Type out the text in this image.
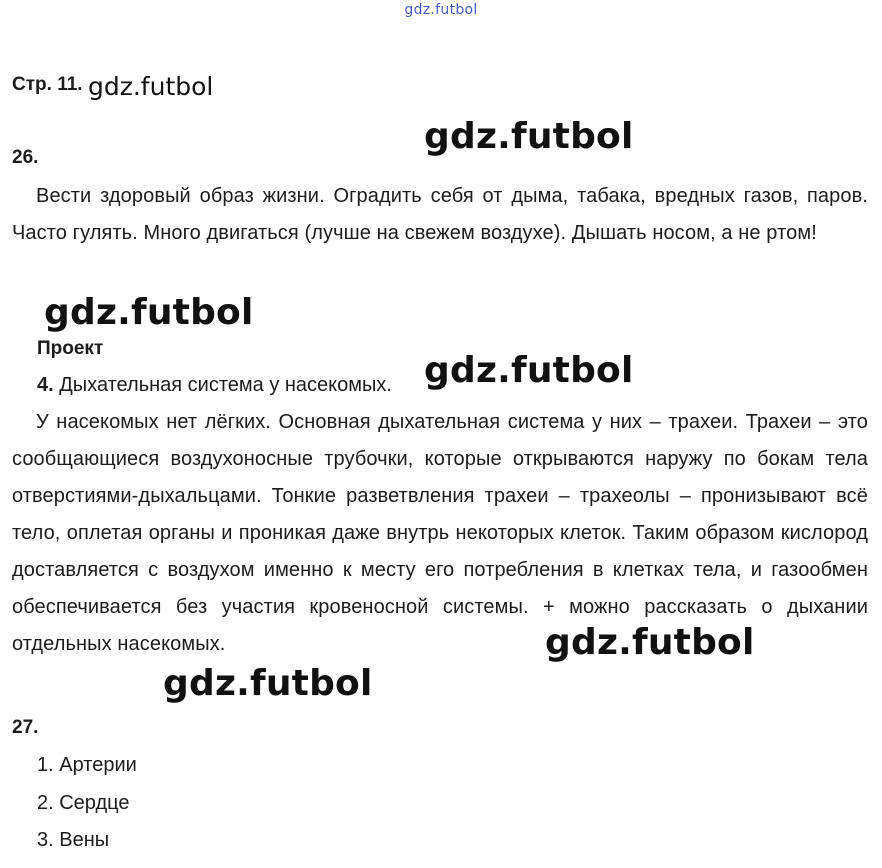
gdz.futbol
Стр. 11. gdz.futbol
26.
gdz.futbol
Вести здоровый образ жизни. Оградить себя от дыма, табака, вредных газов, паров. Часто гулять. Много двигаться (лучше на свежем воздухе). Дышать носом, а не ртом!
gdz.futbol
Проект
4. Дыхательная система у насекомых. gdz.futbol
У насекомых нет лёгких. Основная дыхательная система у них – трахеи. Трахеи – это сообщающиеся воздухоносные трубочки, которые открываются наружу по бокам тела отверстиями-дыхальцами. Тонкие разветвления трахеи – трахеолы – пронизывают всё тело, оплетая органы и проникая даже внутрь некоторых клеток. Таким образом кислород доставляется с воздухом именно к месту его потребления в клетках тела, и газообмен обеспечивается без участия кровеносной системы. + можно рассказать о дыхании отдельных насекомых.	gdz.futbol
gdz.futbol
27.
1. Артерии
2. Сердце
3. Вены
